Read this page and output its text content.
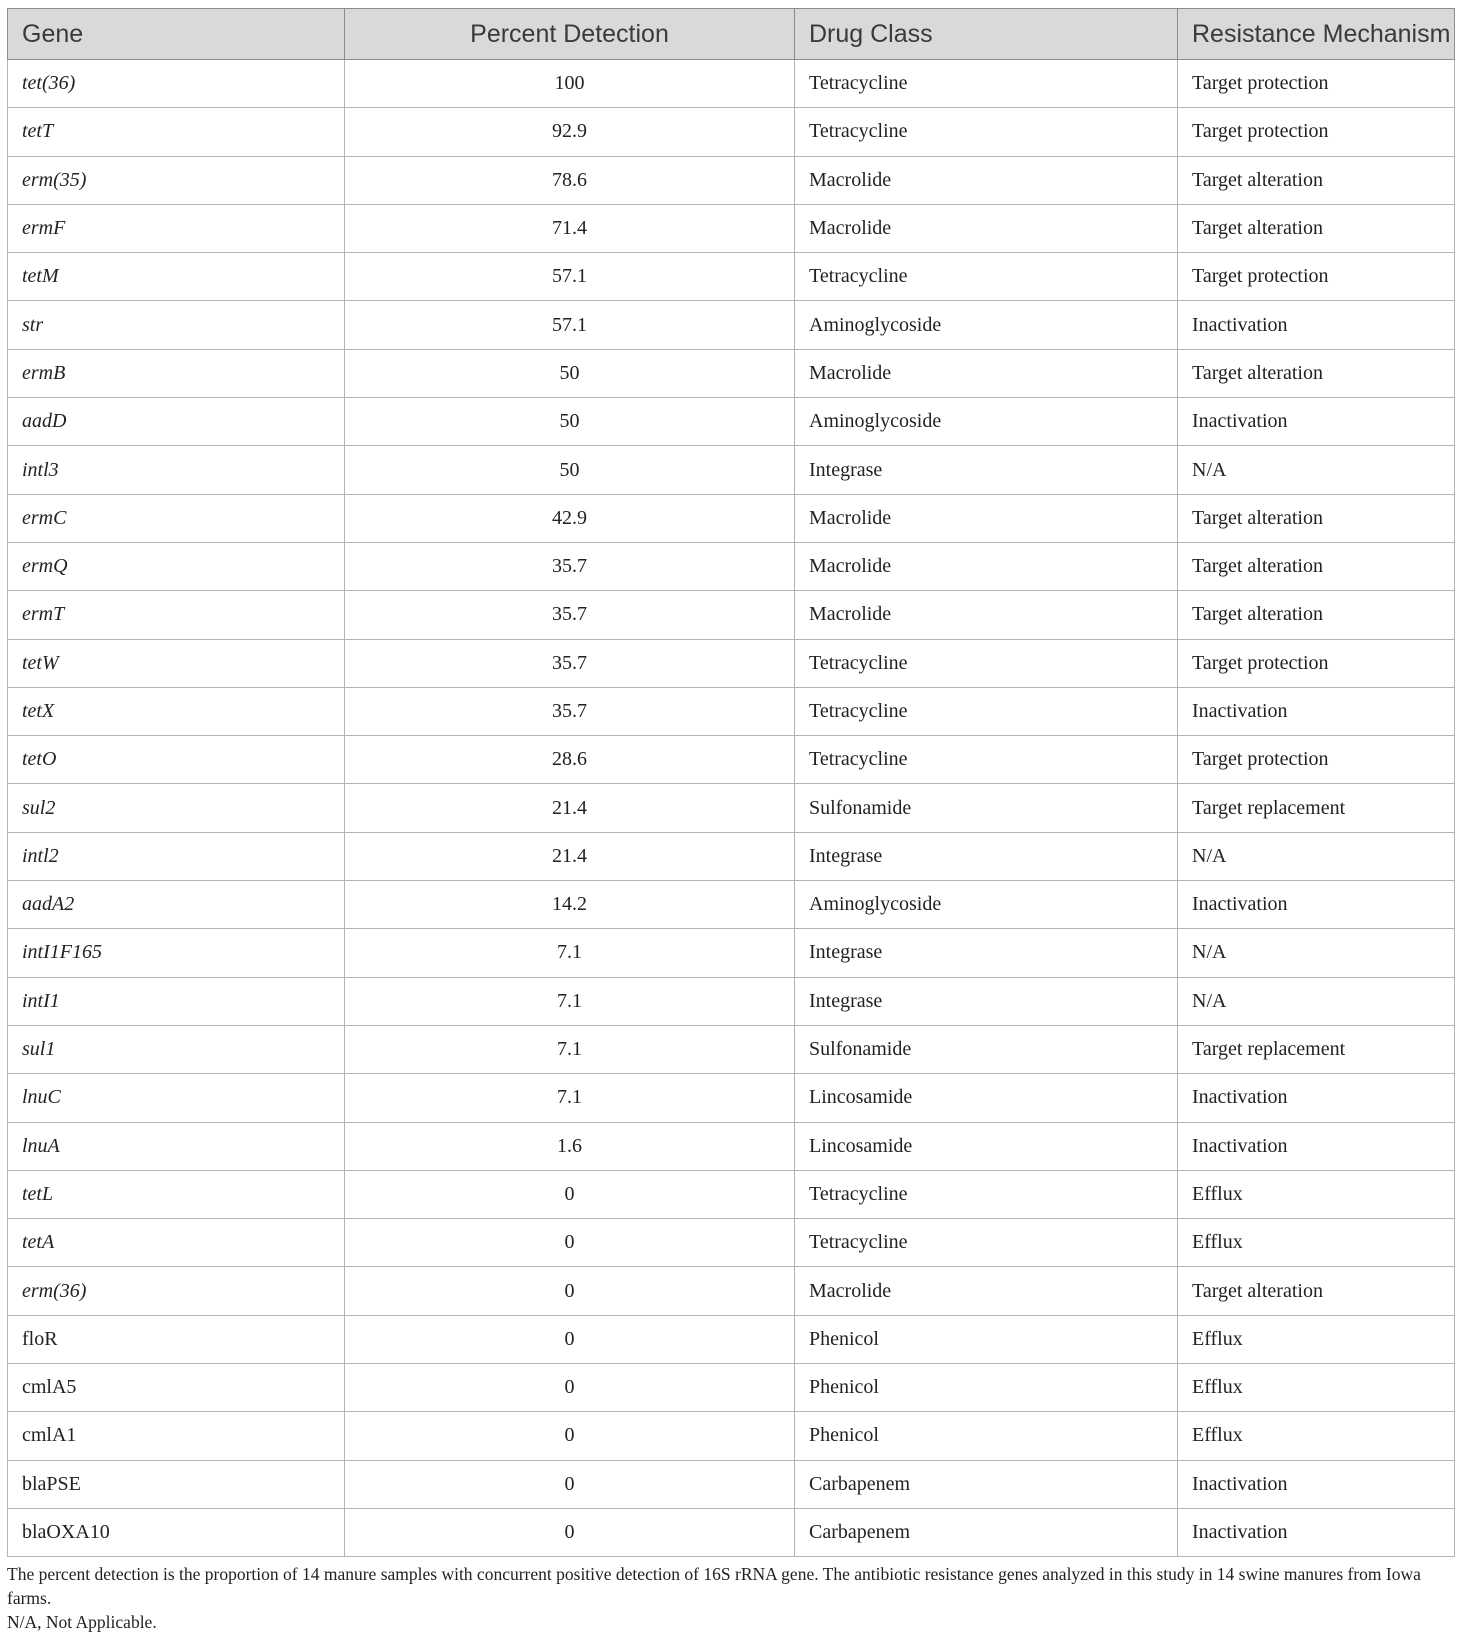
Gene	Percent Detection	Drug Class	Resistance Mechanism
tet(36)	100	Tetracycline	Target protection
tetT	92.9	Tetracycline	Target protection
erm(35)	78.6	Macrolide	Target alteration
ermF	71.4	Macrolide	Target alteration
tetM	57.1	Tetracycline	Target protection
str	57.1	Aminoglycoside	Inactivation
ermB	50	Macrolide	Target alteration
aadD	50	Aminoglycoside	Inactivation
intl3	50	Integrase	N/A
ermC	42.9	Macrolide	Target alteration
ermQ	35.7	Macrolide	Target alteration
ermT	35.7	Macrolide	Target alteration
tetW	35.7	Tetracycline	Target protection
tetX	35.7	Tetracycline	Inactivation
tetO	28.6	Tetracycline	Target protection
sul2	21.4	Sulfonamide	Target replacement
intl2	21.4	Integrase	N/A
aadA2	14.2	Aminoglycoside	Inactivation
intI1F165	7.1	Integrase	N/A
intI1	7.1	Integrase	N/A
sul1	7.1	Sulfonamide	Target replacement
lnuC	7.1	Lincosamide	Inactivation
lnuA	1.6	Lincosamide	Inactivation
tetL	0	Tetracycline	Efflux
tetA	0	Tetracycline	Efflux
erm(36)	0	Macrolide	Target alteration
floR	0	Phenicol	Efflux
cmlA5	0	Phenicol	Efflux
cmlA1	0	Phenicol	Efflux
blaPSE	0	Carbapenem	Inactivation
blaOXA10	0	Carbapenem	Inactivation

The percent detection is the proportion of 14 manure samples with concurrent positive detection of 16S rRNA gene. The antibiotic resistance genes analyzed in this study in 14 swine manures from Iowa farms.

N/A, Not Applicable.
